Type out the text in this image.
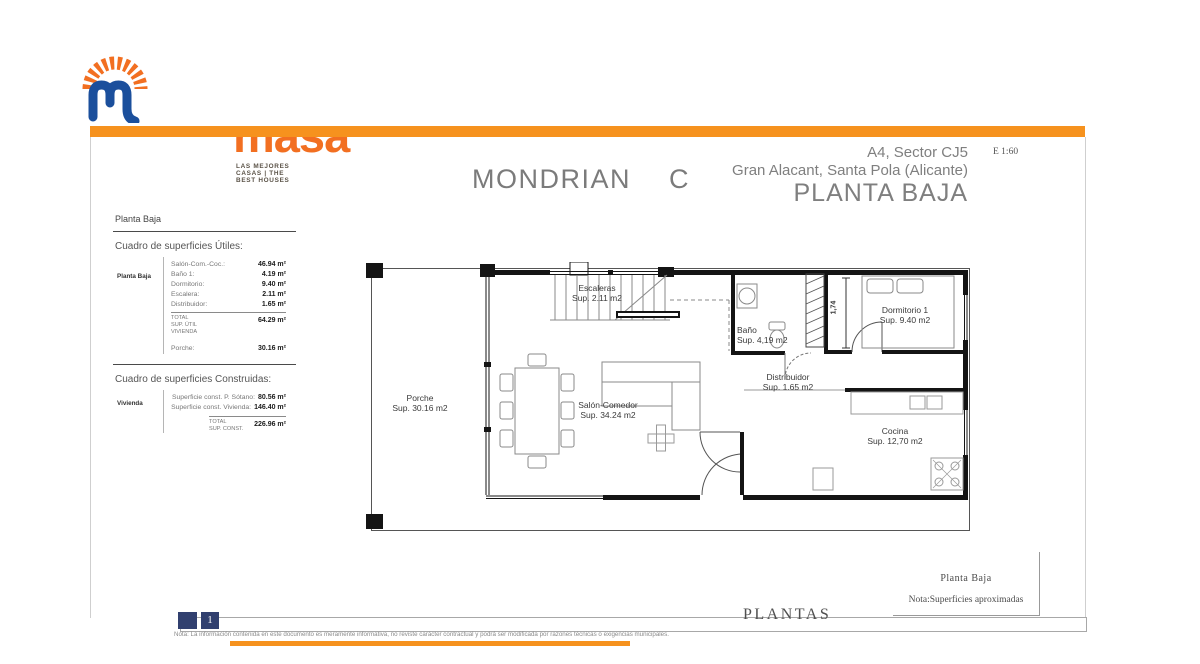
LAS MEJORES CASAS | THE BEST HOUSES	MONDRIAN C
A4, Sector CJ5
Gran Alacant, Santa Pola (Alicante)
PLANTA BAJA
E 1:60
Planta Baja
Cuadro de superficies Útiles:
Planta Baja
Salón-Com.-Coc.:	46.94 m²
Baño 1:	4.19 m²
Dormitorio:	9.40 m²
Escalera:	2.11 m²
Distribuidor:	1.65 m²
TOTAL
SUP. ÚTIL
VIVIENDA
64.29 m²
Porche:	30.16 m²
Cuadro de superficies Construidas:
Vivienda
Superficie const. P. Sótano: 80.56 m²
Superficie const. Vivienda: 146.40 m²
TOTAL
SUP. CONST.
226.96 m²
Escaleras
Sup. 2.11 m2
Porche
Sup. 30.16 m2	Salón-Comedor
Sup. 34.24 m2
Baño
Sup. 4,19 m2
Distribuidor
Sup. 1.65 m2
Dormitorio 1
Sup. 9.40 m2
Cocina
Sup. 12,70 m2
1,74
Planta Baja
Nota:Superficies aproximadas
PLANTAS
1
Nota: La información contenida en este documento es meramente informativa, no reviste carácter contractual y podrá ser modificada por razones técnicas o exigencias municipales.
